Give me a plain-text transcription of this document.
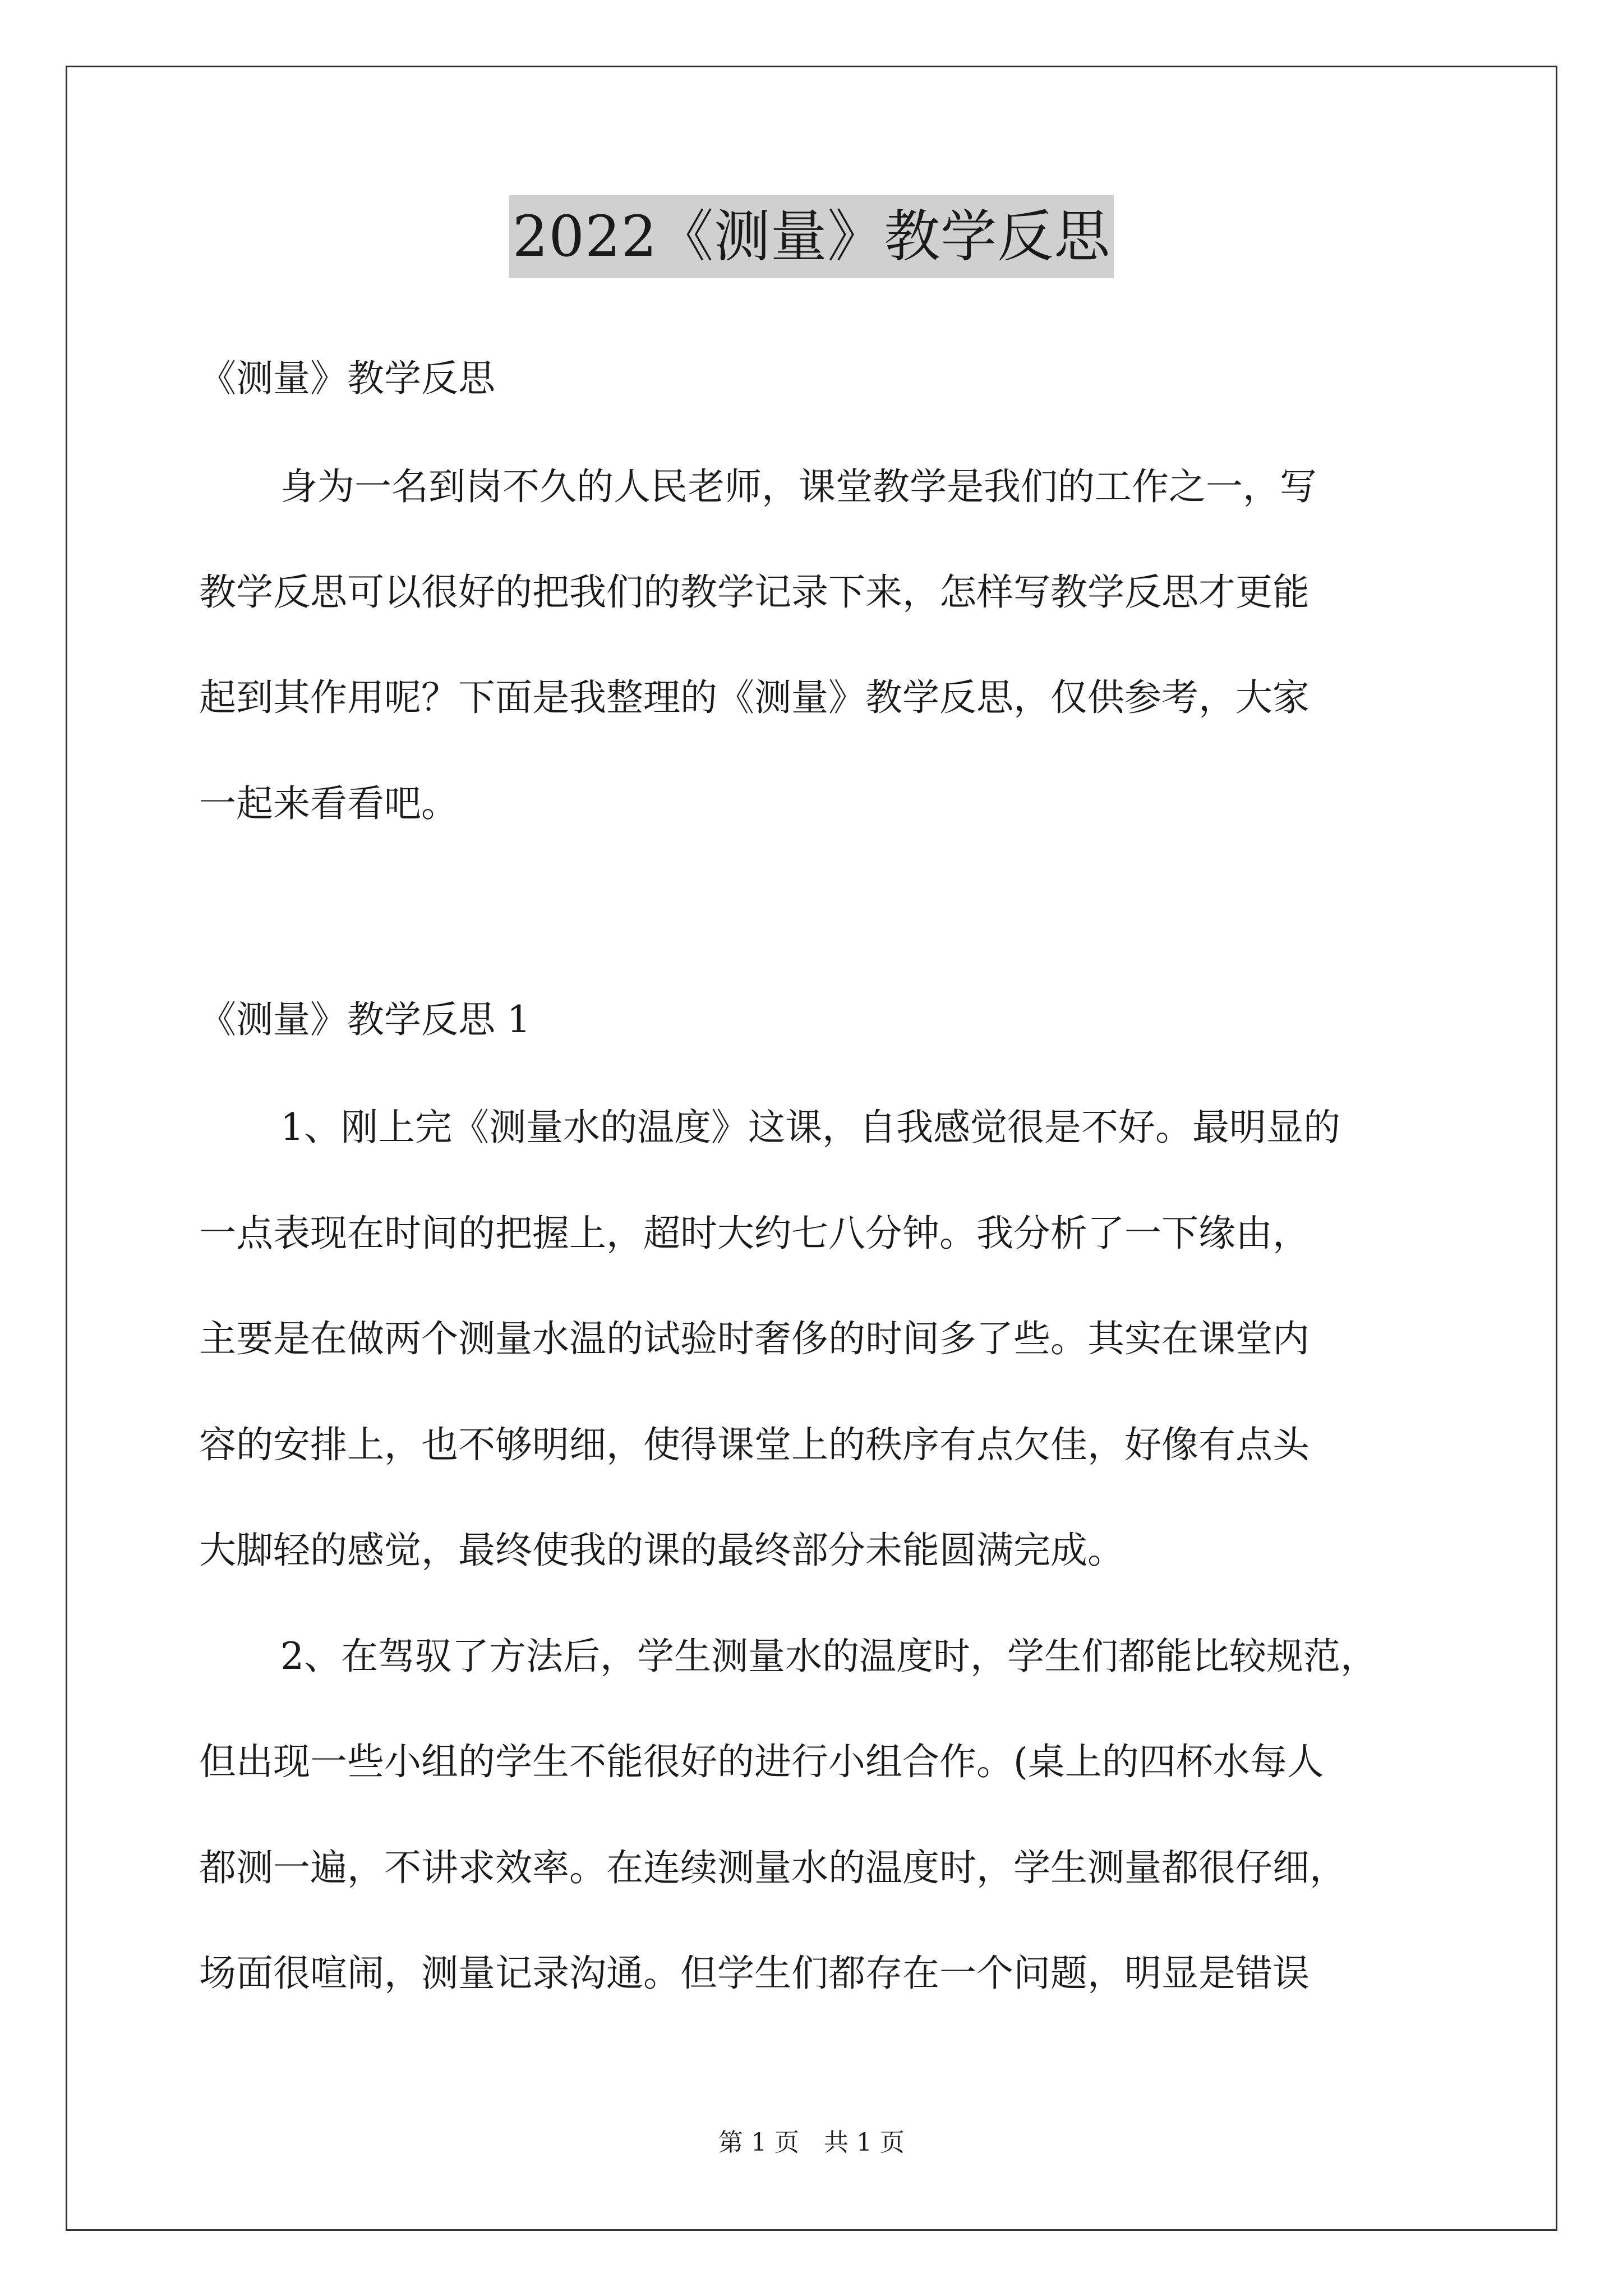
2022《测量》教学反思
《测量》教学反思
身为一名到岗不久的人民老师，课堂教学是我们的工作之一，写
教学反思可以很好的把我们的教学记录下来，怎样写教学反思才更能
起到其作用呢？下面是我整理的《测量》教学反思，仅供参考，大家
一起来看看吧。
《测量》教学反思 1
1、刚上完《测量水的温度》这课，自我感觉很是不好。最明显的
一点表现在时间的把握上，超时大约七八分钟。我分析了一下缘由，
主要是在做两个测量水温的试验时奢侈的时间多了些。其实在课堂内
容的安排上，也不够明细，使得课堂上的秩序有点欠佳，好像有点头
大脚轻的感觉，最终使我的课的最终部分未能圆满完成。
2、在驾驭了方法后，学生测量水的温度时，学生们都能比较规范，
但出现一些小组的学生不能很好的进行小组合作。(桌上的四杯水每人
都测一遍，不讲求效率。在连续测量水的温度时，学生测量都很仔细，
场面很喧闹，测量记录沟通。但学生们都存在一个问题，明显是错误
第 1 页　共 1 页
